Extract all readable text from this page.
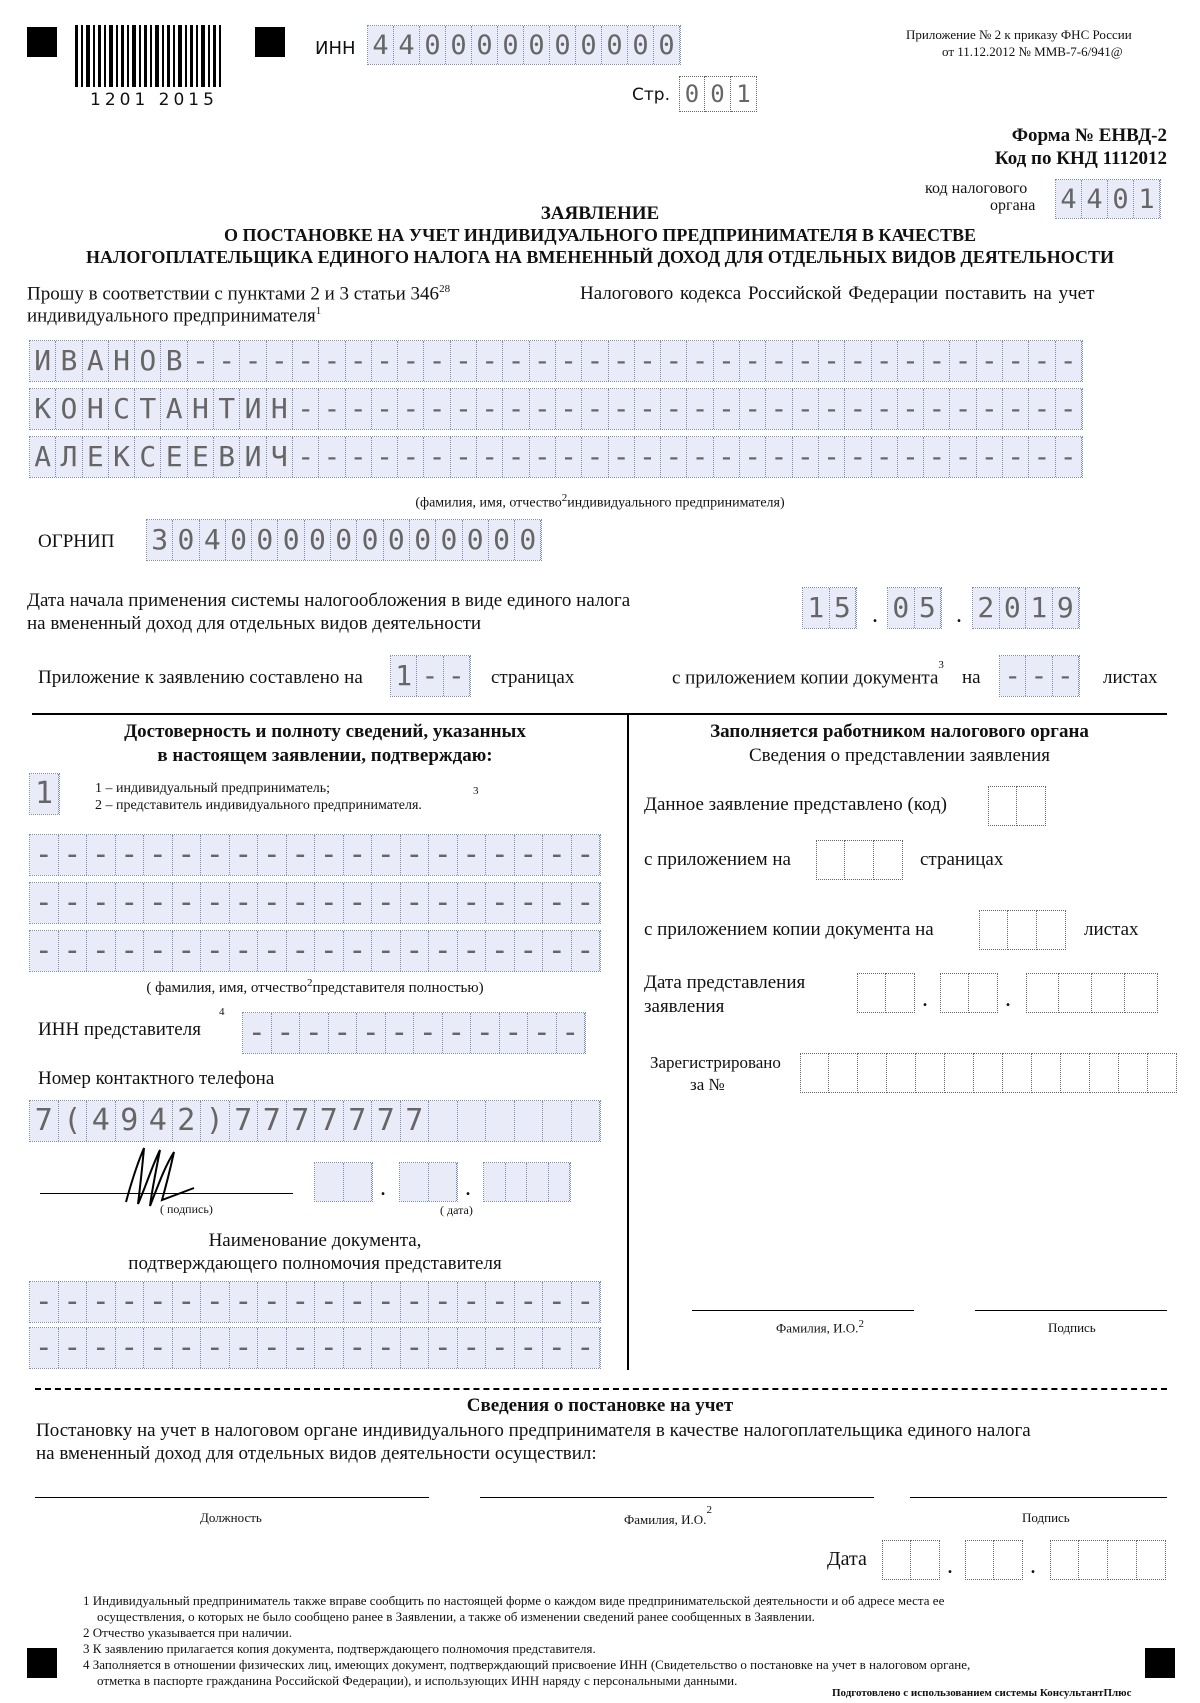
1201 2015
ИНН 4 4 0 0 0 0 0 0 0 0 0 0
Стр. 0 0 1
Приложение № 2 к приказу ФНС России
от 11.12.2012 № ММВ-7-6/941@
Форма № ЕНВД-2
Код по КНД 1112012
код налогового
органа 4 4 0 1
ЗАЯВЛЕНИЕ
О ПОСТАНОВКЕ НА УЧЕТ ИНДИВИДУАЛЬНОГО ПРЕДПРИНИМАТЕЛЯ В КАЧЕСТВЕ
НАЛОГОПЛАТЕЛЬЩИКА ЕДИНОГО НАЛОГА НА ВМЕНЕННЫЙ ДОХОД ДЛЯ ОТДЕЛЬНЫХ ВИДОВ ДЕЯТЕЛЬНОСТИ
Прошу в соответствии с пунктами 2 и 3 статьи $346^{28}$	Налогового кодекса Российской Федерации поставить на учет
индивидуального предпринимателя$^1$
И В А Н О В - - - - - - - - - - - - - - - - - - - - - - - - - - - - - - - - - -
К О Н С Т А Н Т И Н - - - - - - - - - - - - - - - - - - - - - - - - - - - - - -
А Л Е К С Е Е В И Ч - - - - - - - - - - - - - - - - - - - - - - - - - - - - - -
(фамилия, имя, отчество$^2$индивидуального предпринимателя)
ОГРНИП 3 0 4 0 0 0 0 0 0 0 0 0 0 0 0
Дата начала применения системы налогообложения в виде единого налога
на вмененный доход для отдельных видов деятельности	1 5 . 0 5 . 2 0 1 9
Приложение к заявлению составлено на 1 - - страницах	с приложением копии документа$^3$
на - - - листах
Достоверность и полноту сведений, указанных
в настоящем заявлении, подтверждаю:
1	1 – индивидуальный предприниматель;
2 – представитель индивидуального предпринимателя.
3
- - - - - - - - - - - - - - - - - - - -
- - - - - - - - - - - - - - - - - - - -
- - - - - - - - - - - - - - - - - - - -
( фамилия, имя, отчество$^2$представителя полностью)
ИНН представителя
4
- - - - - - - - - - - -
Номер контактного телефона
7 ( 4 9 4 2 ) 7 7 7 7 7 7 7
( подпись)
.	.
( дата)
Наименование документа,
подтверждающего полномочия представителя
- - - - - - - - - - - - - - - - - - - -
- - - - - - - - - - - - - - - - - - - -
Заполняется работником налогового органа
Сведения о представлении заявления
Данное заявление представлено (код)
с приложением на	страницах
с приложением копии документа на	листах
Дата представления
заявления	.	.
Зарегистрировано
за №
Фамилия, И.О.$^2$	Подпись
Сведения о постановке на учет
Постановку на учет в налоговом органе индивидуального предпринимателя в качестве налогоплательщика единого налога
на вмененный доход для отдельных видов деятельности осуществил:
Должность	Фамилия, И.О.$^2$	Подпись
Дата	.	.
1 Индивидуальный предприниматель также вправе сообщить по настоящей форме о каждом виде предпринимательской деятельности и об адресе места ее
осуществления, о которых не было сообщено ранее в Заявлении, а также об изменении сведений ранее сообщенных в Заявлении.
2 Отчество указывается при наличии.
3 К заявлению прилагается копия документа, подтверждающего полномочия представителя.
4 Заполняется в отношении физических лиц, имеющих документ, подтверждающий присвоение ИНН (Свидетельство о постановке на учет в налоговом органе,
отметка в паспорте гражданина Российской Федерации), и использующих ИНН наряду с персональными данными.
Подготовлено с использованием системы КонсультантПлюс
